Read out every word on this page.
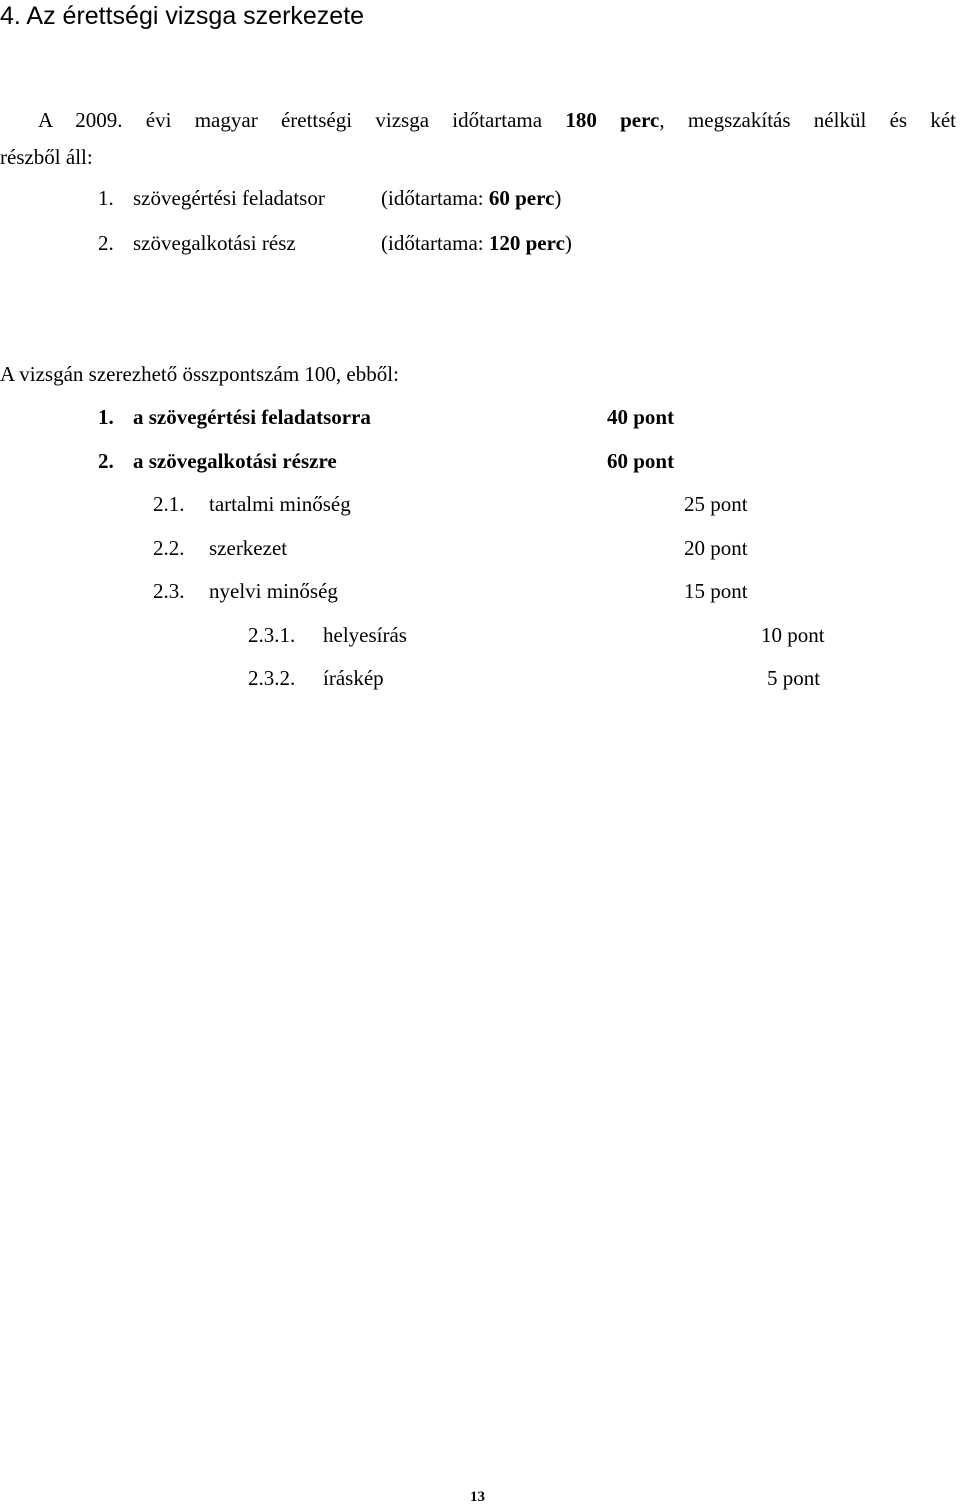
4. Az érettségi vizsga szerkezete
A 2009. évi magyar érettségi vizsga időtartama 180 perc, megszakítás nélkül és két
részből áll:
1. szövegértési feladatsor	(időtartama: 60 perc)
2. szövegalkotási rész	(időtartama: 120 perc)
A vizsgán szerezhető összpontszám 100, ebből:
1. a szövegértési feladatsorra	40 pont
2. a szövegalkotási részre	60 pont
2.1. tartalmi minőség	25 pont
2.2. szerkezet	20 pont
2.3. nyelvi minőség	15 pont
2.3.1. helyesírás	10 pont
2.3.2. íráskép	5 pont
13
